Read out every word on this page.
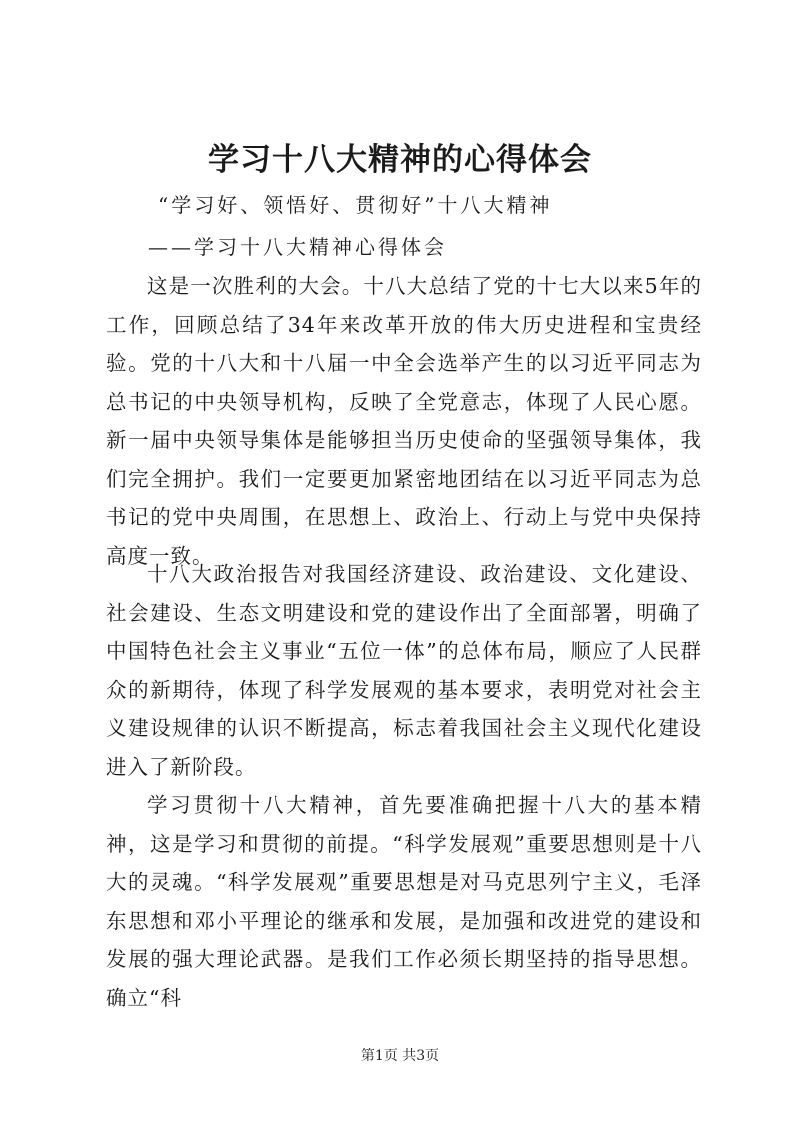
学习十八大精神的心得体会
“学习好、领悟好、贯彻好”十八大精神
——学习十八大精神心得体会

这是一次胜利的大会。十八大总结了党的十七大以来5年的工作，回顾总结了34年来改革开放的伟大历史进程和宝贵经验。党的十八大和十八届一中全会选举产生的以习近平同志为总书记的中央领导机构，反映了全党意志，体现了人民心愿。新一届中央领导集体是能够担当历史使命的坚强领导集体，我们完全拥护。我们一定要更加紧密地团结在以习近平同志为总书记的党中央周围，在思想上、政治上、行动上与党中央保持高度一致。

十八大政治报告对我国经济建设、政治建设、文化建设、社会建设、生态文明建设和党的建设作出了全面部署，明确了中国特色社会主义事业“五位一体”的总体布局，顺应了人民群众的新期待，体现了科学发展观的基本要求，表明党对社会主义建设规律的认识不断提高，标志着我国社会主义现代化建设进入了新阶段。

学习贯彻十八大精神，首先要准确把握十八大的基本精神，这是学习和贯彻的前提。“科学发展观”重要思想则是十八大的灵魂。“科学发展观”重要思想是对马克思列宁主义，毛泽东思想和邓小平理论的继承和发展，是加强和改进党的建设和发展的强大理论武器。是我们工作必须长期坚持的指导思想。确立“科

第1页 共3页
